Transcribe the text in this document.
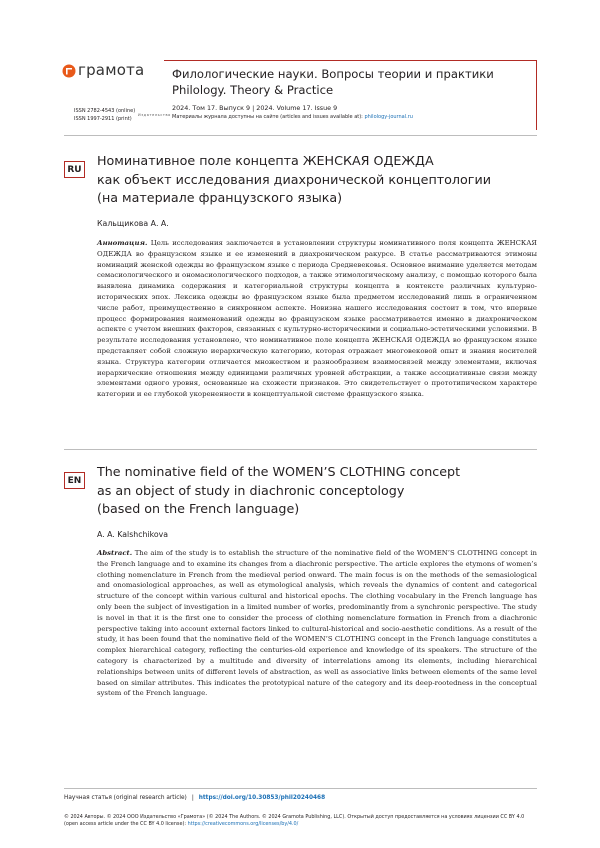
Издательство
грамота Филологические науки. Вопросы теории и практики
Philology. Theory & Practice
2024. Том 17. Выпуск 9 | 2024. Volume 17. Issue 9
Материалы журнала доступны на сайте (articles and issues available at): philology-journal.ru
ISSN 2782-4543 (online)
ISSN 1997-2911 (print)
RU
Номинативное поле концепта ЖЕНСКАЯ ОДЕЖДА
как объект исследования диахронической концептологии
(на материале французского языка)
Кальщикова А. А.
Аннотация. Цель исследования заключается в установлении структуры номинативного поля концепта ЖЕНСКАЯ ОДЕЖДА во французском языке и ее изменений в диахроническом ракурсе. В статье рассматриваются этимоны номинаций женской одежды во французском языке с периода Средневековья. Основное внимание уделяется методам семасиологического и ономасиологического подходов, а также этимологическому анализу, с помощью которого была выявлена динамика содержания и категориальной структуры концепта в контексте различных культурно-исторических эпох. Лексика одежды во французском языке была предметом исследований лишь в ограниченном числе работ, преимущественно в синхронном аспекте. Новизна нашего исследования состоит в том, что впервые процесс формирования наименований одежды во французском языке рассматривается именно в диахроническом аспекте с учетом внешних факторов, связанных с культурно-историческими и социально-эстетическими условиями. В результате исследования установлено, что номинативное поле концепта ЖЕНСКАЯ ОДЕЖДА во французском языке представляет собой сложную иерархическую категорию, которая отражает многовековой опыт и знания носителей языка. Структура категории отличается множеством и разнообразием взаимосвязей между элементами, включая иерархические отношения между единицами различных уровней абстракции, а также ассоциативные связи между элементами одного уровня, основанные на схожести признаков. Это свидетельствует о прототипическом характере категории и ее глубокой укорененности в концептуальной системе французского языка.
EN
The nominative field of the WOMEN’S CLOTHING concept
as an object of study in diachronic conceptology
(based on the French language)
A. A. Kalshchikova
Abstract. The aim of the study is to establish the structure of the nominative field of the WOMEN’S CLOTHING concept in the French language and to examine its changes from a diachronic perspective. The article explores the etymons of women’s clothing nomenclature in French from the medieval period onward. The main focus is on the methods of the semasiological and onomasiological approaches, as well as etymological analysis, which reveals the dynamics of content and categorical structure of the concept within various cultural and historical epochs. The clothing vocabulary in the French language has only been the subject of investigation in a limited number of works, predominantly from a synchronic perspective. The study is novel in that it is the first one to consider the process of clothing nomenclature formation in French from a diachronic perspective taking into account external factors linked to cultural-historical and socio-aesthetic conditions. As a result of the study, it has been found that the nominative field of the WOMEN’S CLOTHING concept in the French language constitutes a complex hierarchical category, reflecting the centuries-old experience and knowledge of its speakers. The structure of the category is characterized by a multitude and diversity of interrelations among its elements, including hierarchical relationships between units of different levels of abstraction, as well as associative links between elements of the same level based on similar attributes. This indicates the prototypical nature of the category and its deep-rootedness in the conceptual system of the French language.
Научная статья (original research article) | https://doi.org/10.30853/phil20240468
© 2024 Авторы. © 2024 ООО Издательство «Грамота» (© 2024 The Authors. © 2024 Gramota Publishing, LLC). Открытый доступ предоставляется на условиях лицензии CC BY 4.0 (open access article under the CC BY 4.0 license): https://creativecommons.org/licenses/by/4.0/
